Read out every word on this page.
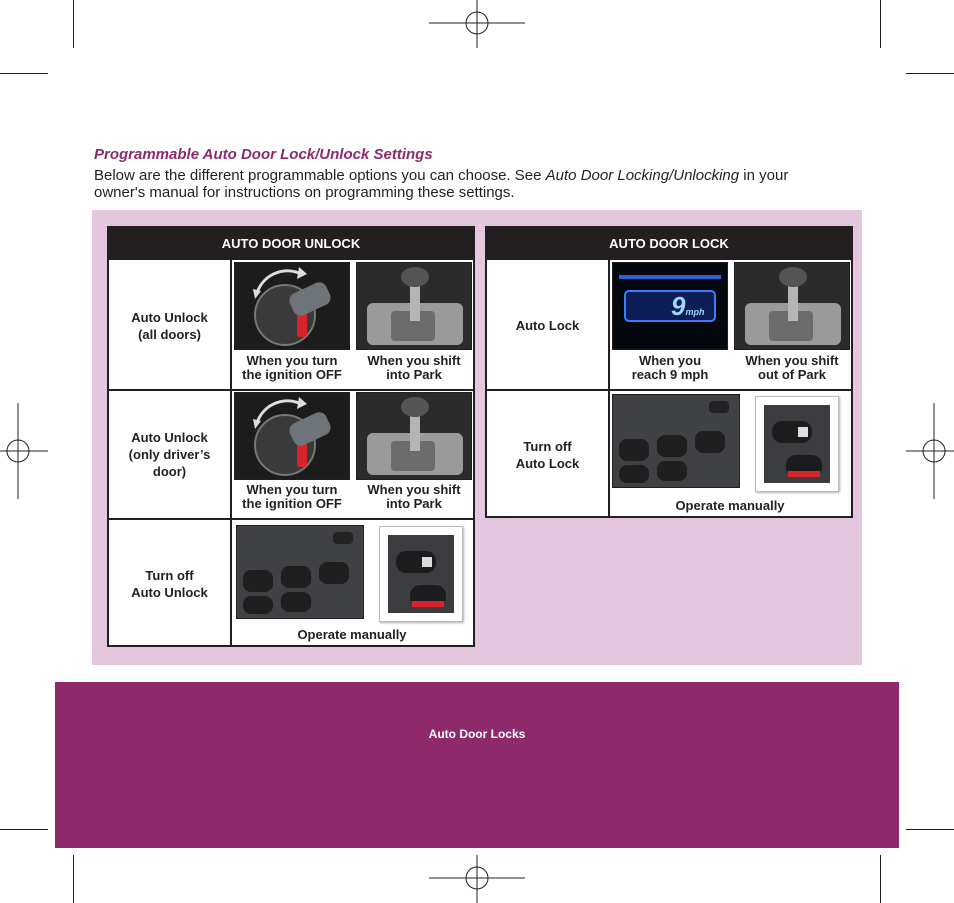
Programmable Auto Door Lock/Unlock Settings
Below are the different programmable options you can choose. See Auto Door Locking/Unlocking in your owner's manual for instructions on programming these settings.
AUTO DOOR UNLOCK
Auto Unlock
(all doors)
When you turn
the ignition OFF
When you shift
into Park
Auto Unlock
(only driver’s
door)
When you turn
the ignition OFF
When you shift
into Park
Turn off
Auto Unlock
Operate manually
AUTO DOOR LOCK
Auto Lock
9mph
When you
reach 9 mph
When you shift
out of Park
Turn off
Auto Lock
Operate manually
Auto Door Locks
